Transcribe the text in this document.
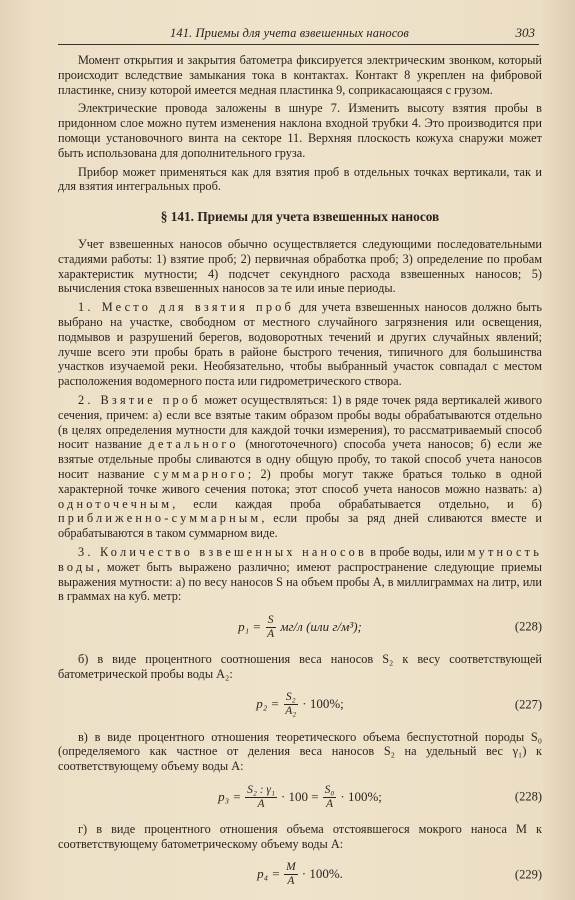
141. Приемы для учета взвешенных наносов	303

Момент открытия и закрытия батометра фиксируется электрическим звонком, который происходит вследствие замыкания тока в контактах. Контакт 8 укреплен на фибровой пластинке, снизу которой имеется медная пластинка 9, соприкасающаяся с грузом.

Электрические провода заложены в шнуре 7. Изменить высоту взятия пробы в придонном слое можно путем изменения наклона входной трубки 4. Это производится при помощи установочного винта на секторе 11. Верхняя плоскость кожуха снаружи может быть использована для дополнительного груза.

Прибор может применяться как для взятия проб в отдельных точках вертикали, так и для взятия интегральных проб.

§ 141. Приемы для учета взвешенных наносов

Учет взвешенных наносов обычно осуществляется следующими последовательными стадиями работы: 1) взятие проб; 2) первичная обработка проб; 3) определение по пробам характеристик мутности; 4) подсчет секундного расхода взвешенных наносов; 5) вычисления стока взвешенных наносов за те или иные периоды.

1. Место для взятия проб для учета взвешенных наносов должно быть выбрано на участке, свободном от местного случайного загрязнения или освещения, подмывов и разрушений берегов, водоворотных течений и других случайных явлений; лучше всего эти пробы брать в районе быстрого течения, типичного для большинства участков изучаемой реки. Необязательно, чтобы выбранный участок совпадал с местом расположения водомерного поста или гидрометрического створа.

2. Взятие проб может осуществляться: 1) в ряде точек ряда вертикалей живого сечения, причем: а) если все взятые таким образом пробы воды обрабатываются отдельно (в целях определения мутности для каждой точки измерения), то рассматриваемый способ носит название детального (многоточечного) способа учета наносов; б) если же взятые отдельные пробы сливаются в одну общую пробу, то такой способ учета наносов носит название суммарного; 2) пробы могут также браться только в одной характерной точке живого сечения потока; этот способ учета наносов можно назвать: а) одноточечным, если каждая проба обрабатывается отдельно, и б) приближенно-суммарным, если пробы за ряд дней сливаются вместе и обрабатываются в таком суммарном виде.

3. Количество взвешенных наносов в пробе воды, или мутность воды, может быть выражено различно; имеют распространение следующие приемы выражения мутности: а) по весу наносов S на объем пробы A, в миллиграммах на литр, или в граммах на куб. метр:

$p_1 = \frac{S}{A} мг/л$ (или г/м³);	(228)

б) в виде процентного соотношения веса наносов S₂ к весу соответствующей батометрической пробы воды A₂:

$p_2 = \frac{\text{S₂}}{\text{A₂}} \cdot 100\%$;	(227)

в) в виде процентного отношения теоретического объема беспустотной породы S₀ (определяемого как частное от деления веса наносов S₂ на удельный вес γ₁) к соответствующему объему воды A:

$p_3 = \frac{\text{S₂ : γ₁}}{A} \cdot 100 = \frac{\text{S₀}}{A} \cdot 100\%$;	(228)

г) в виде процентного отношения объема отстоявшегося мокрого наноса M к соответствующему батометрическому объему воды A:

$p_4 = \frac{M}{A} \cdot 100\%$.	(229)
